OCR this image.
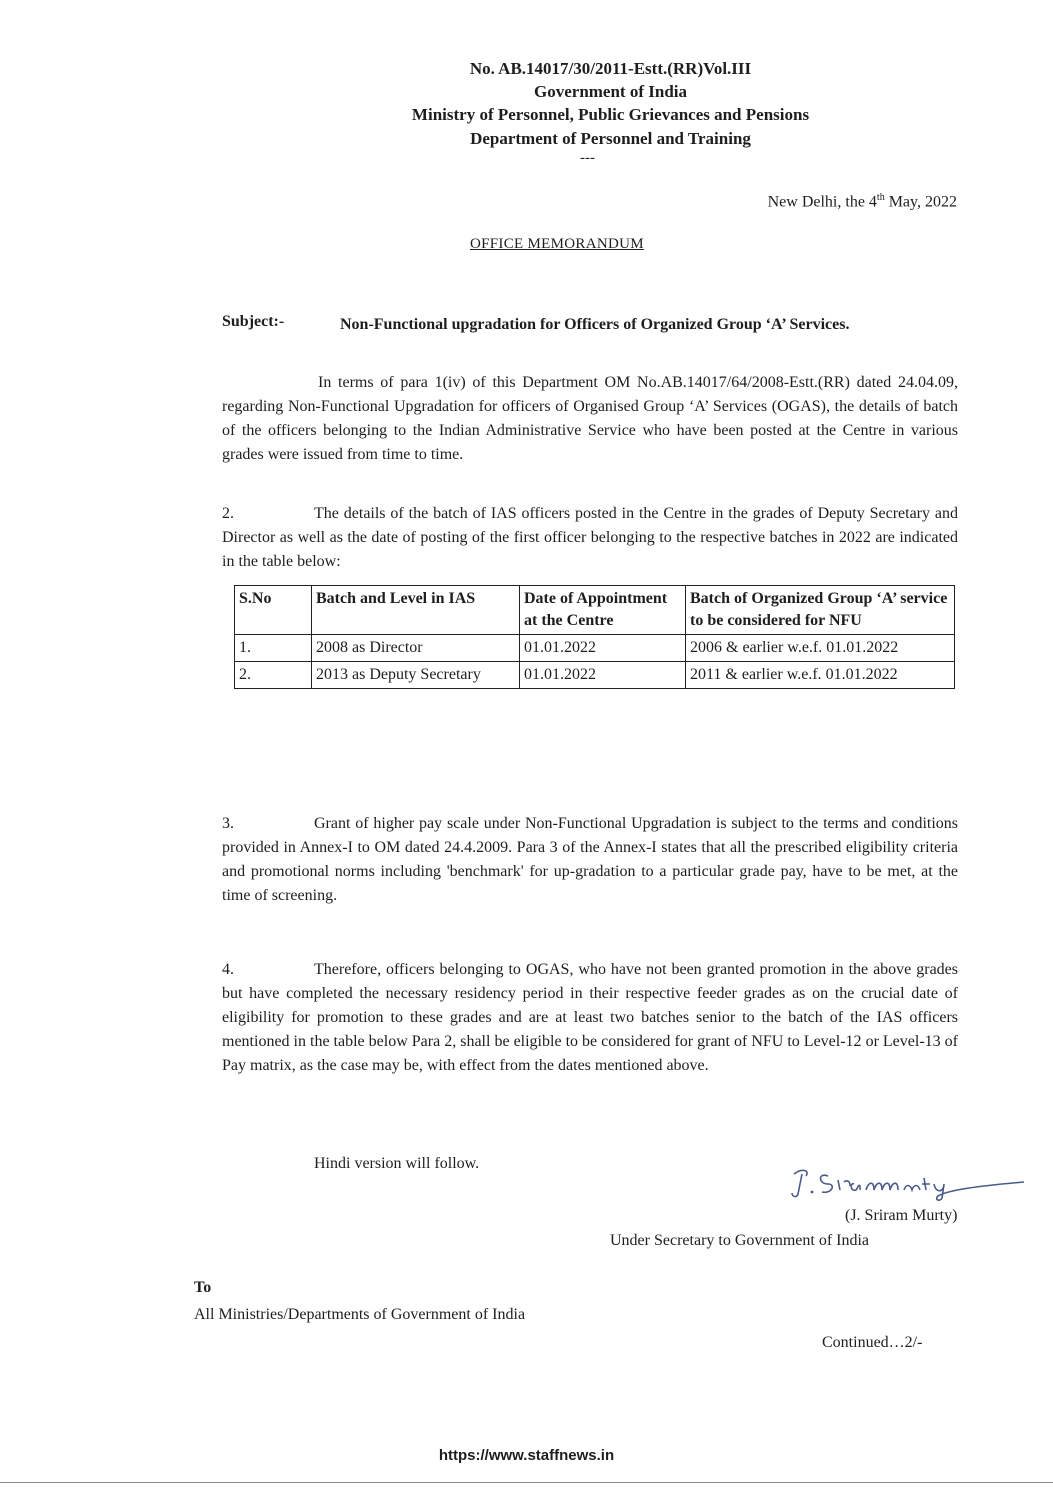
No. AB.14017/30/2011-Estt.(RR)Vol.III
Government of India
Ministry of Personnel, Public Grievances and Pensions
Department of Personnel and Training
---
New Delhi, the 4th May, 2022
OFFICE MEMORANDUM
Subject:-	Non-Functional upgradation for Officers of Organized Group ‘A’ Services.
In terms of para 1(iv) of this Department OM No.AB.14017/64/2008-Estt.(RR) dated 24.04.09, regarding Non-Functional Upgradation for officers of Organised Group ‘A’ Services (OGAS), the details of batch of the officers belonging to the Indian Administrative Service who have been posted at the Centre in various grades were issued from time to time.
2.	The details of the batch of IAS officers posted in the Centre in the grades of Deputy Secretary and Director as well as the date of posting of the first officer belonging to the respective batches in 2022 are indicated in the table below:
S.No	Batch and Level in IAS	Date of Appointment at the Centre	Batch of Organized Group ‘A’ service to be considered for NFU
1.	2008 as Director	01.01.2022	2006 & earlier w.e.f. 01.01.2022
2.	2013 as Deputy Secretary	01.01.2022	2011 & earlier w.e.f. 01.01.2022
3.	Grant of higher pay scale under Non-Functional Upgradation is subject to the terms and conditions provided in Annex-I to OM dated 24.4.2009. Para 3 of the Annex-I states that all the prescribed eligibility criteria and promotional norms including 'benchmark' for up-gradation to a particular grade pay, have to be met, at the time of screening.
4.	Therefore, officers belonging to OGAS, who have not been granted promotion in the above grades but have completed the necessary residency period in their respective feeder grades as on the crucial date of eligibility for promotion to these grades and are at least two batches senior to the batch of the IAS officers mentioned in the table below Para 2, shall be eligible to be considered for grant of NFU to Level-12 or Level-13 of Pay matrix, as the case may be, with effect from the dates mentioned above.
Hindi version will follow.
(J. Sriram Murty)
Under Secretary to Government of India
To
All Ministries/Departments of Government of India
Continued…2/-
https://www.staffnews.in
